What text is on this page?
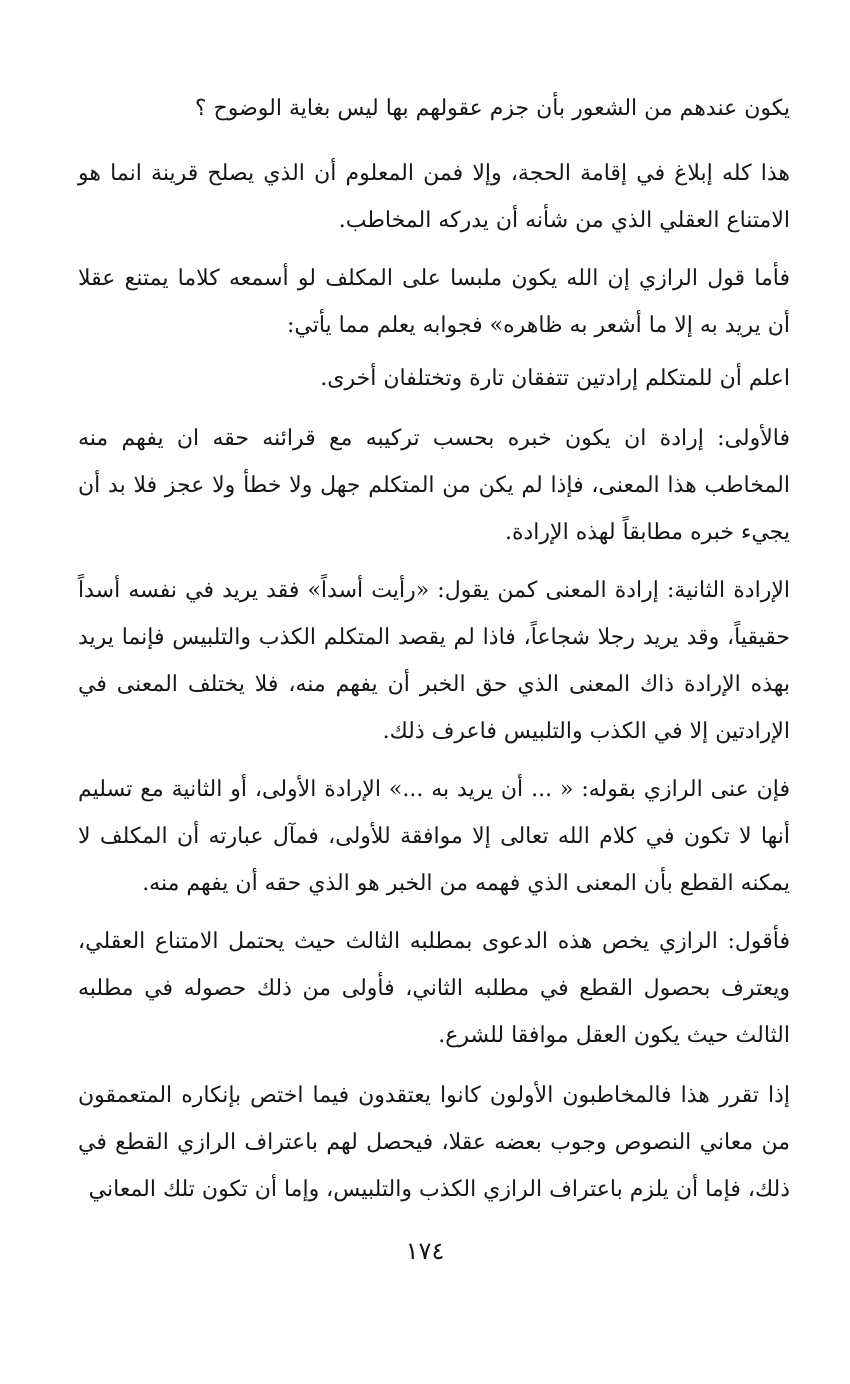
يكون عندهم من الشعور بأن جزم عقولهم بها ليس بغاية الوضوح ؟

هذا كله إبلاغ في إقامة الحجة، وإلا فمن المعلوم أن الذي يصلح قرينة انما هو الامتناع العقلي الذي من شأنه أن يدركه المخاطب.

فأما قول الرازي إن الله يكون ملبسا على المكلف لو أسمعه كلاما يمتنع عقلا أن يريد به إلا ما أشعر به ظاهره» فجوابه يعلم مما يأتي:

اعلم أن للمتكلم إرادتين تتفقان تارة وتختلفان أخرى.

فالأولى: إرادة ان يكون خبره بحسب تركيبه مع قرائنه حقه ان يفهم منه المخاطب هذا المعنى، فإذا لم يكن من المتكلم جهل ولا خطأ ولا عجز فلا بد أن يجيء خبره مطابقاً لهذه الإرادة.

الإرادة الثانية: إرادة المعنى كمن يقول: «رأيت أسداً» فقد يريد في نفسه أسداً حقيقياً، وقد يريد رجلا شجاعاً، فاذا لم يقصد المتكلم الكذب والتلبيس فإنما يريد بهذه الإرادة ذاك المعنى الذي حق الخبر أن يفهم منه، فلا يختلف المعنى في الإرادتين إلا في الكذب والتلبيس فاعرف ذلك.

فإن عنى الرازي بقوله: « ... أن يريد به ...» الإرادة الأولى، أو الثانية مع تسليم أنها لا تكون في كلام الله تعالى إلا موافقة للأولى، فمآل عبارته أن المكلف لا يمكنه القطع بأن المعنى الذي فهمه من الخبر هو الذي حقه أن يفهم منه.

فأقول: الرازي يخص هذه الدعوى بمطلبه الثالث حيث يحتمل الامتناع العقلي، ويعترف بحصول القطع في مطلبه الثاني، فأولى من ذلك حصوله في مطلبه الثالث حيث يكون العقل موافقا للشرع.

إذا تقرر هذا فالمخاطبون الأولون كانوا يعتقدون فيما اختص بإنكاره المتعمقون من معاني النصوص وجوب بعضه عقلا، فيحصل لهم باعتراف الرازي القطع في ذلك، فإما أن يلزم باعتراف الرازي الكذب والتلبيس، وإما أن تكون تلك المعاني

١٧٤
